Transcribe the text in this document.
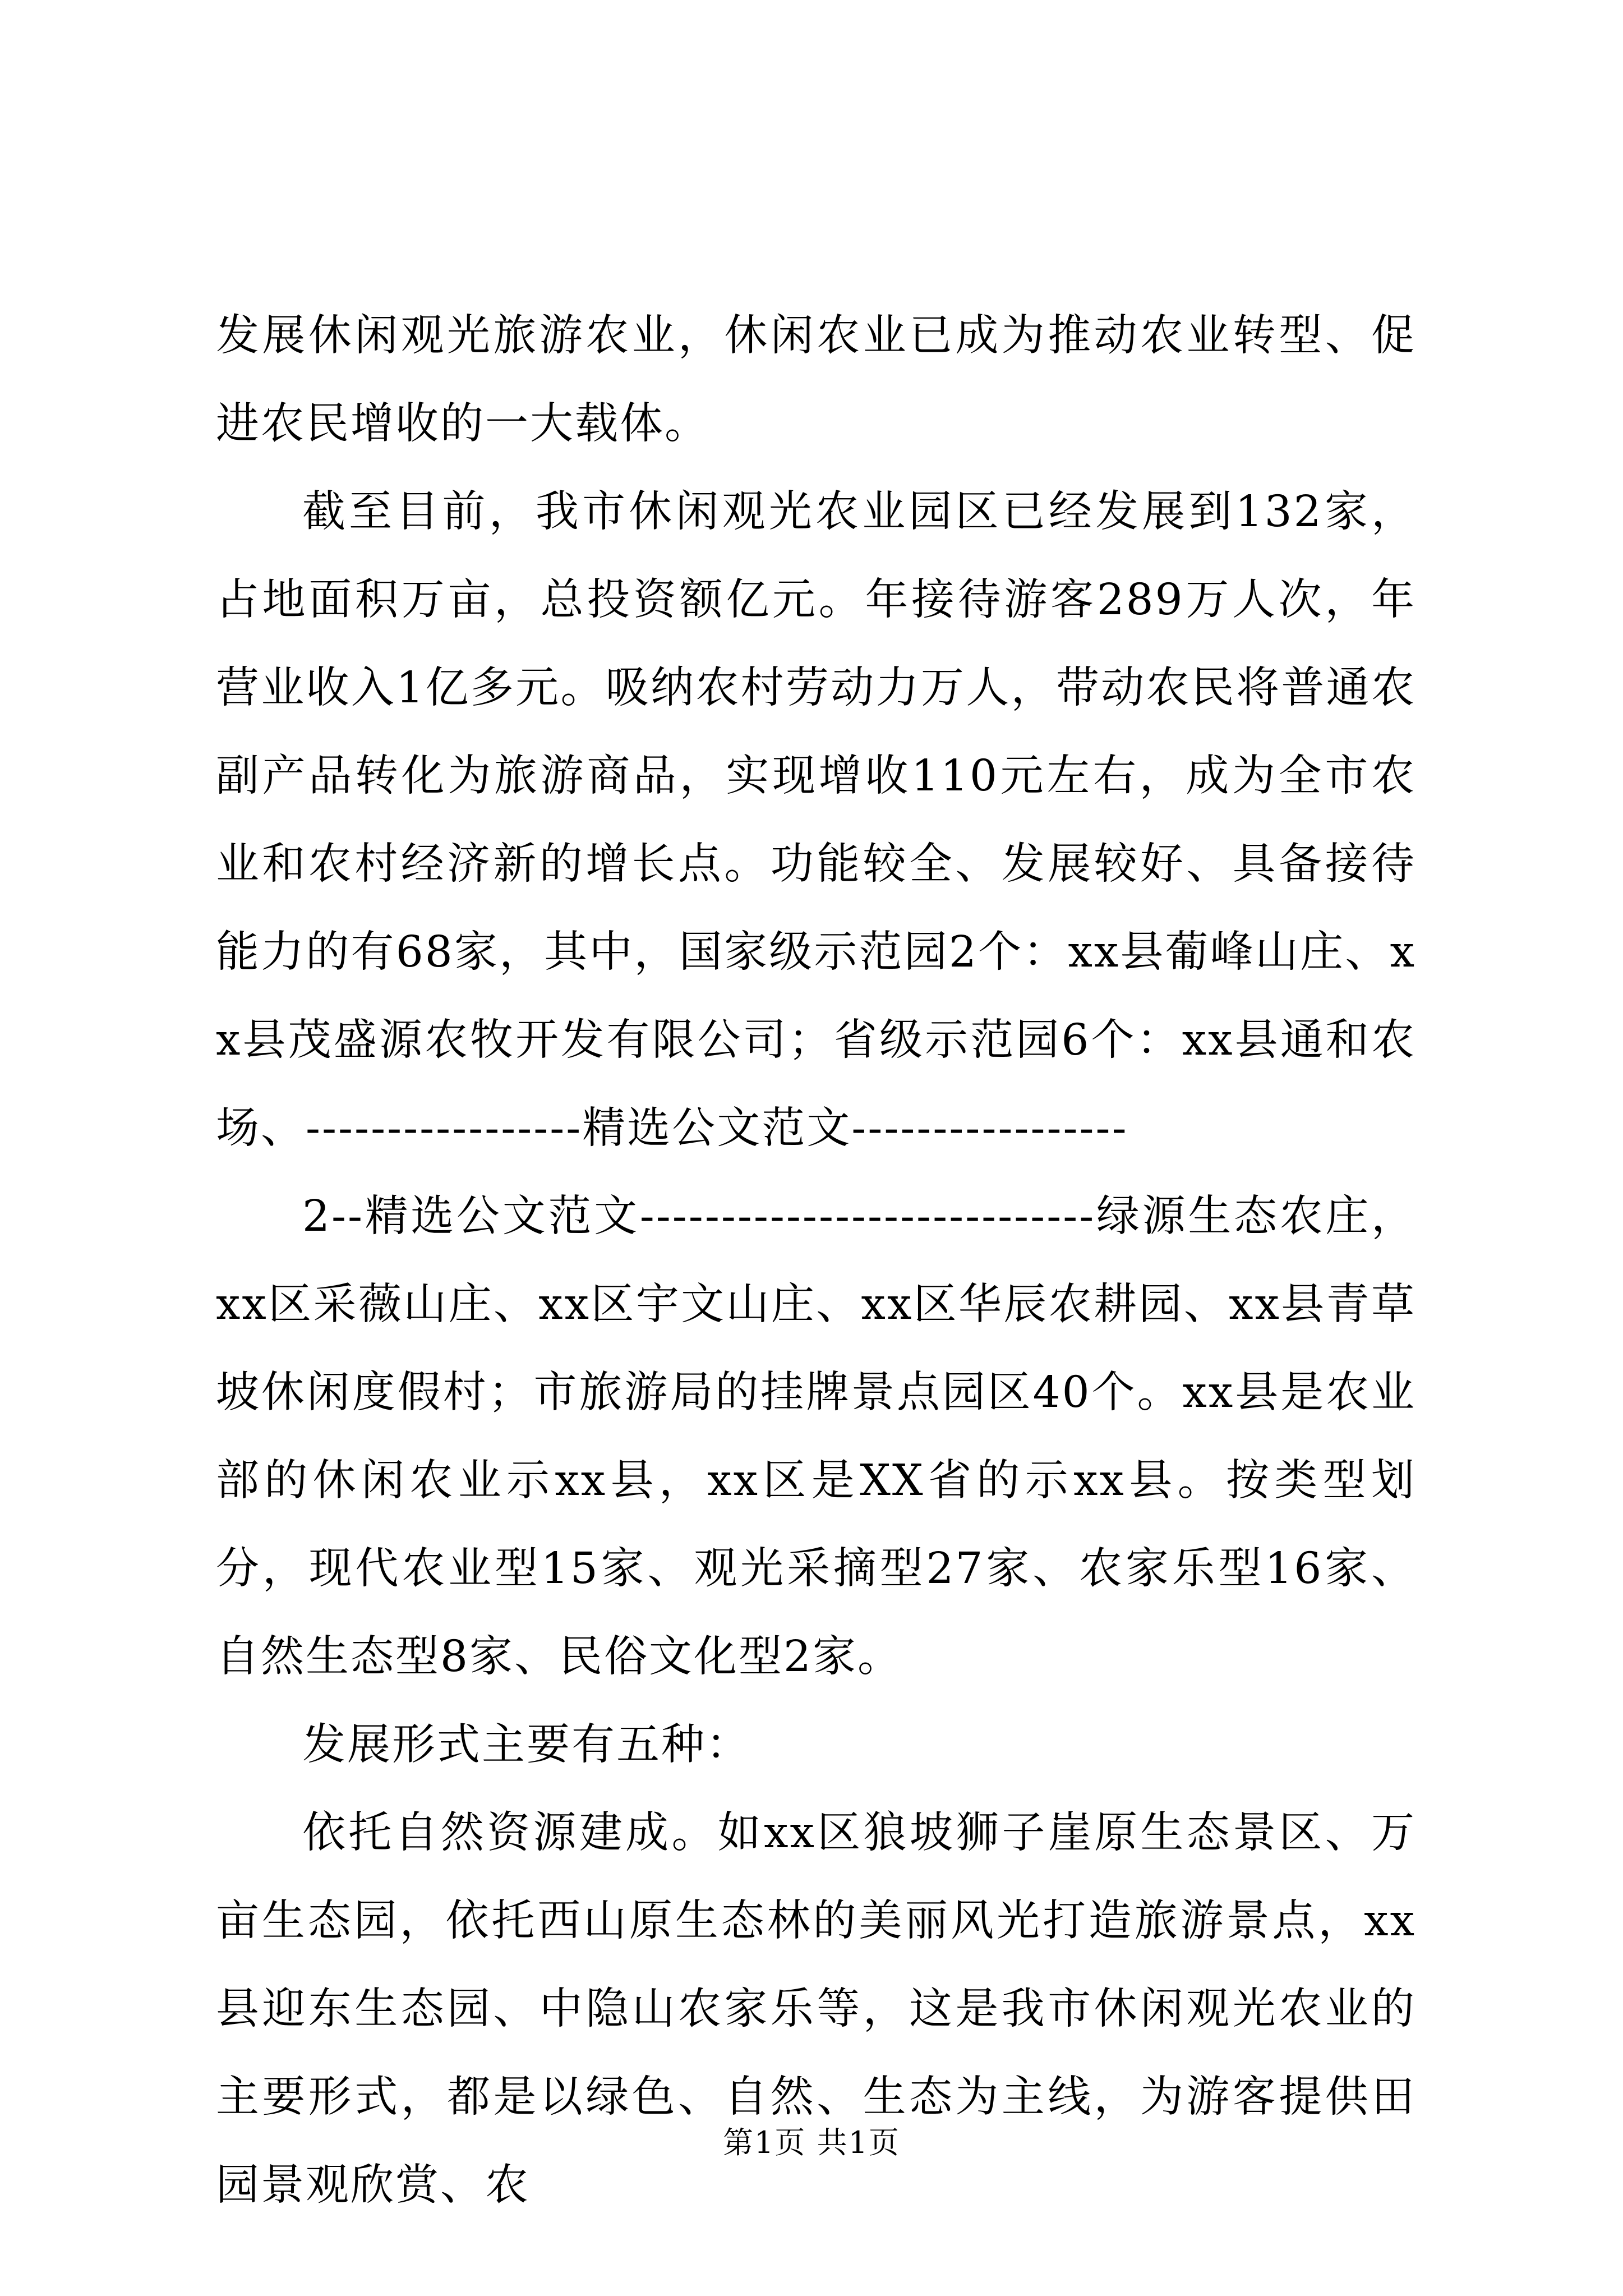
发展休闲观光旅游农业，休闲农业已成为推动农业转型、促进农民增收的一大载体。

截至目前，我市休闲观光农业园区已经发展到132家，占地面积万亩，总投资额亿元。年接待游客289万人次，年营业收入1亿多元。吸纳农村劳动力万人，带动农民将普通农副产品转化为旅游商品，实现增收110元左右，成为全市农业和农村经济新的增长点。功能较全、发展较好、具备接待能力的有68家，其中，国家级示范园2个：xx县葡峰山庄、xx县茂盛源农牧开发有限公司；省级示范园6个：xx县通和农场、-----------------精选公文范文-----------------

2--精选公文范文----------------------------绿源生态农庄，xx区采薇山庄、xx区宇文山庄、xx区华辰农耕园、xx县青草坡休闲度假村；市旅游局的挂牌景点园区40个。xx县是农业部的休闲农业示xx县，xx区是XX省的示xx县。按类型划分，现代农业型15家、观光采摘型27家、农家乐型16家、自然生态型8家、民俗文化型2家。

发展形式主要有五种：

依托自然资源建成。如xx区狼坡狮子崖原生态景区、万亩生态园，依托西山原生态林的美丽风光打造旅游景点，xx县迎东生态园、中隐山农家乐等，这是我市休闲观光农业的主要形式，都是以绿色、自然、生态为主线，为游客提供田园景观欣赏、农

第1页 共1页
